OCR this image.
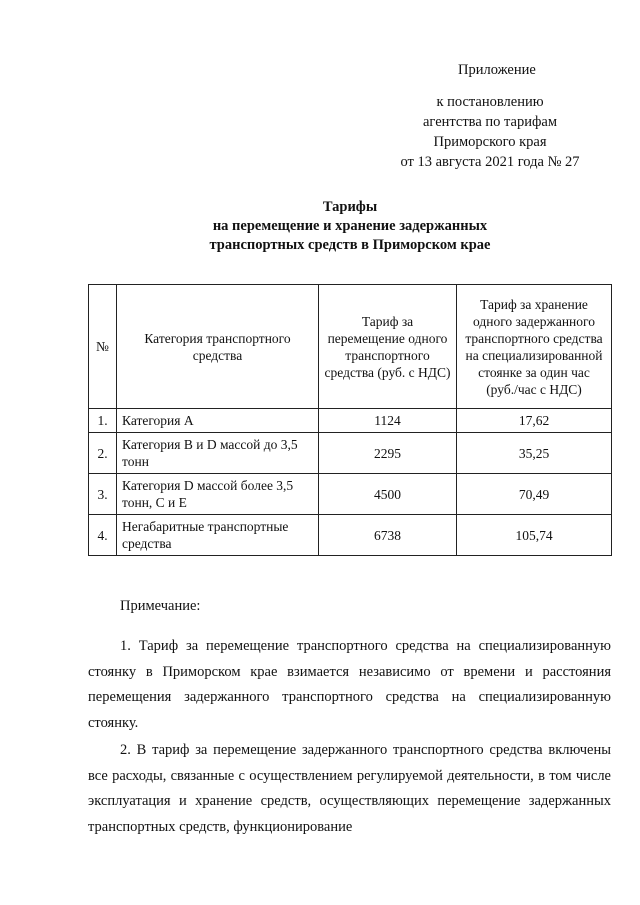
Приложение
к постановлению
агентства по тарифам
Приморского края
от 13 августа 2021 года № 27
Тарифы
на перемещение и хранение задержанных
транспортных средств в Приморском крае
№	Категория транспортного средства	Тариф за перемещение одного транспортного средства (руб. с НДС)	Тариф за хранение одного задержанного транспортного средства на специализированной стоянке за один час (руб./час с НДС)
1.	Категория A	1124	17,62
2.	Категория B и D массой до 3,5 тонн	2295	35,25
3.	Категория D массой более 3,5 тонн, C и E	4500	70,49
4.	Негабаритные транспортные средства	6738	105,74
Примечание:
1. Тариф за перемещение транспортного средства на специализированную стоянку в Приморском крае взимается независимо от времени и расстояния перемещения задержанного транспортного средства на специализированную стоянку.
2. В тариф за перемещение задержанного транспортного средства включены все расходы, связанные с осуществлением регулируемой деятельности, в том числе эксплуатация и хранение средств, осуществляющих перемещение задержанных транспортных средств, функционирование
